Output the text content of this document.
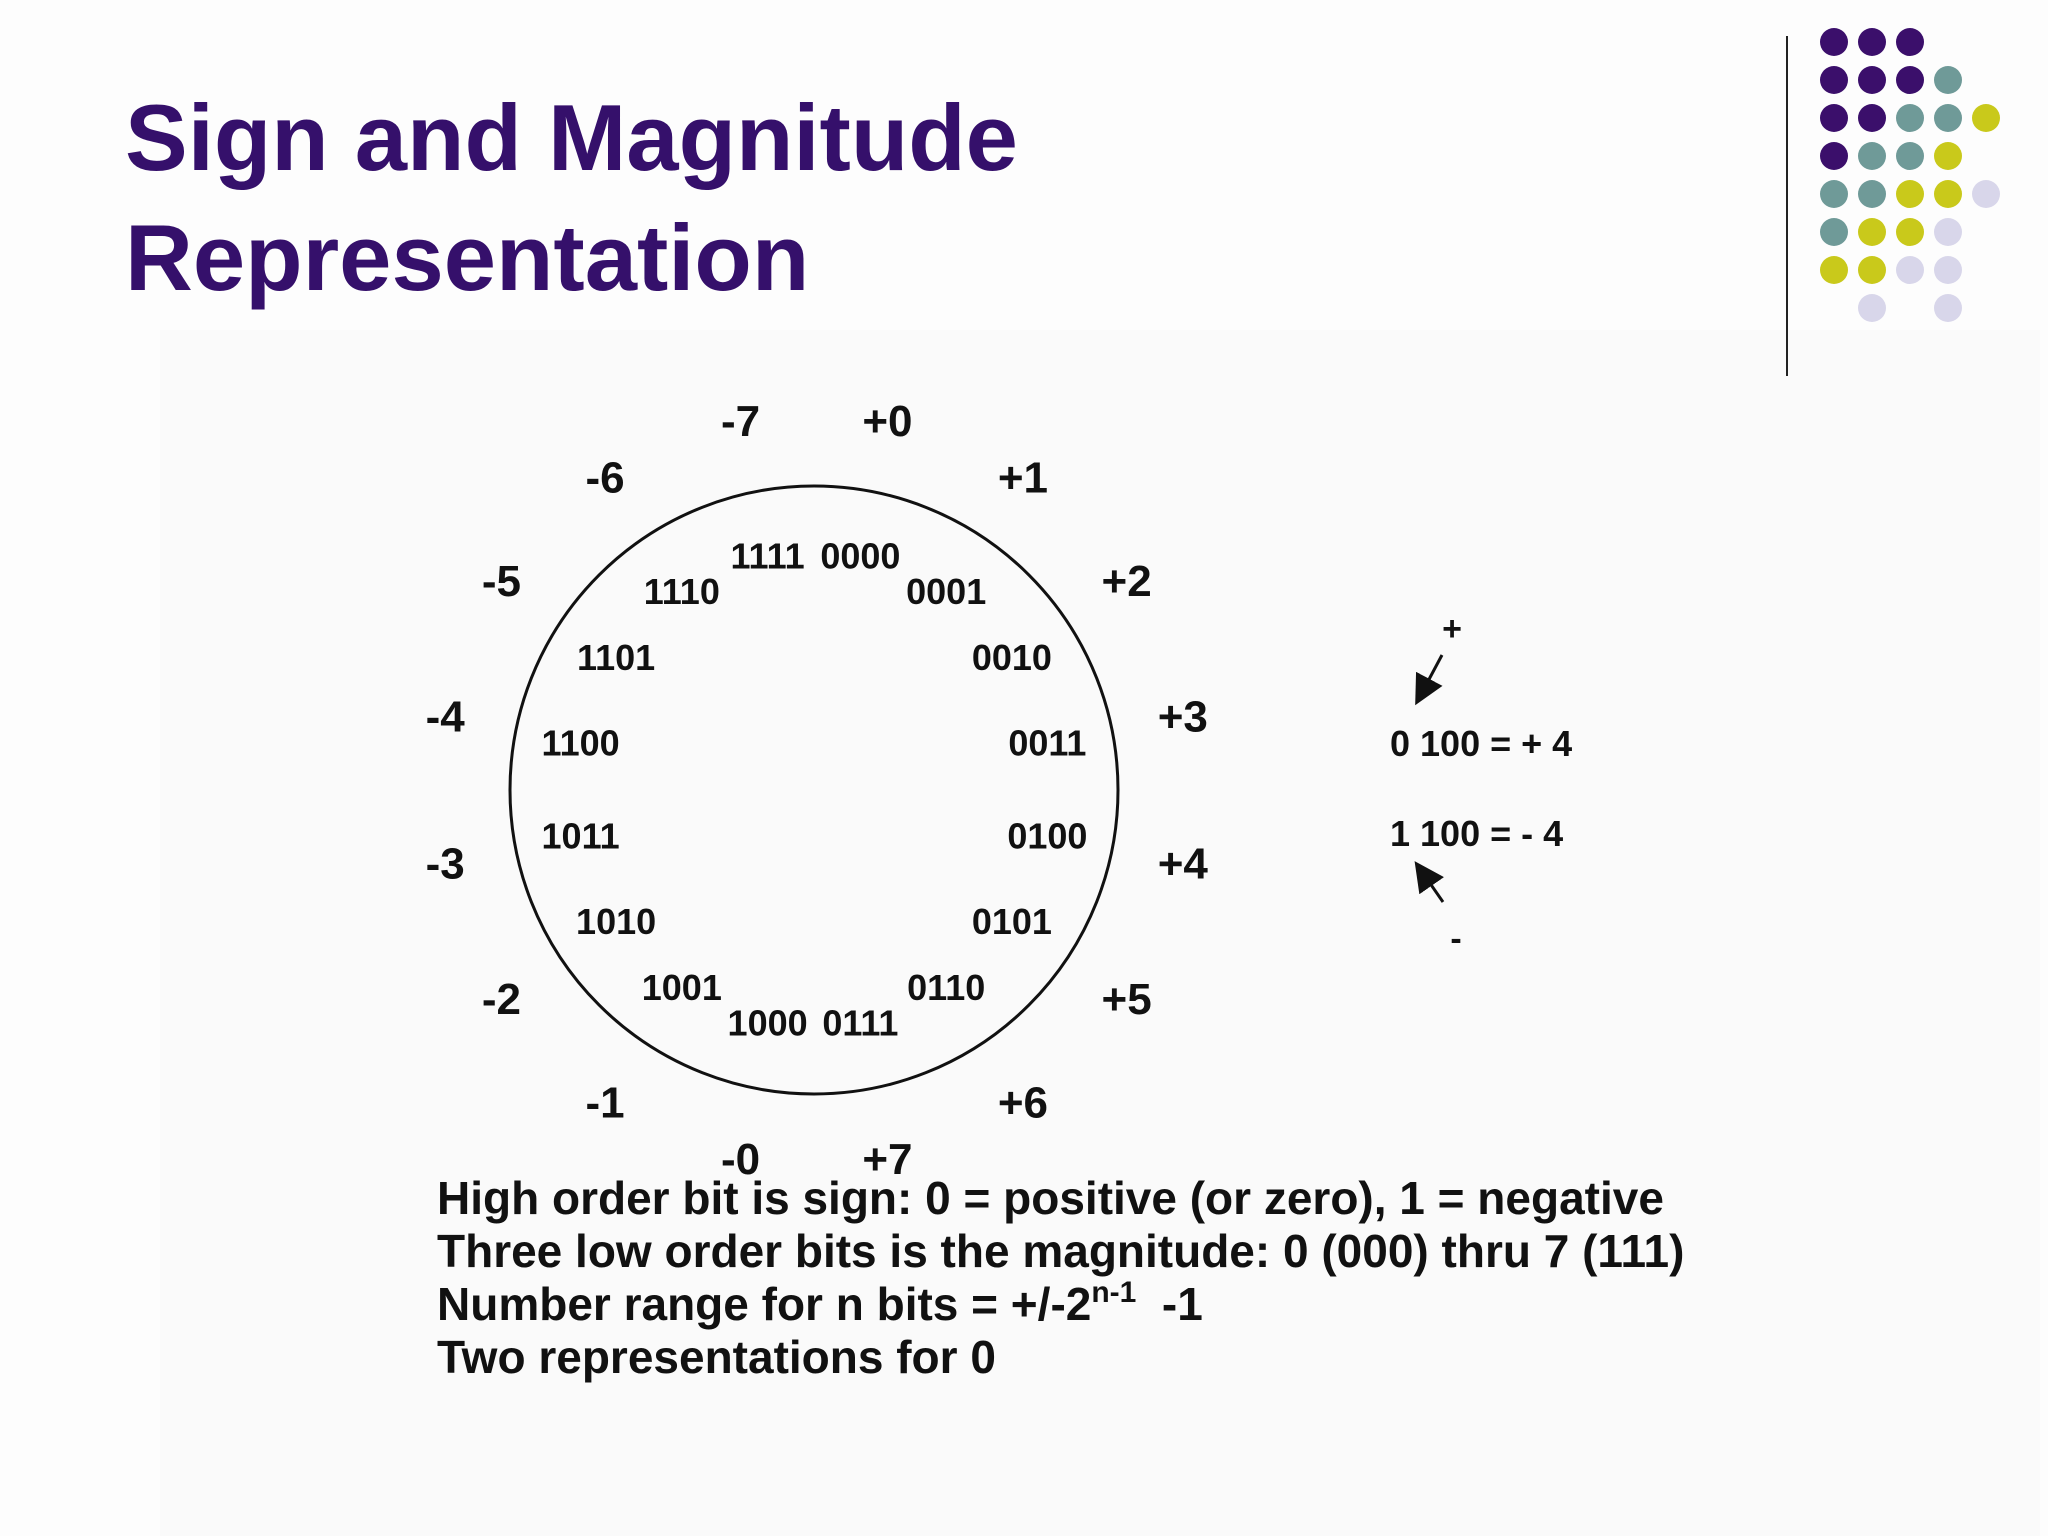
Sign and Magnitude
Representation
0000
+0
0001
+1
0010
+2
0011
+3
0100
+4
0101
+5
0110
+6
0111
+7
1000
-0
1001
-1
1010
-2
1011
-3
1100
-4
1101
-5	1110
-6
1111
-7
+
0 100 = + 4
1 100 = - 4
-
High order bit is sign: 0 = positive (or zero), 1 = negative
Three low order bits is the magnitude: 0 (000) thru 7 (111)
Number range for n bits = $+/-2^{n-1}$  -1
Two representations for 0
